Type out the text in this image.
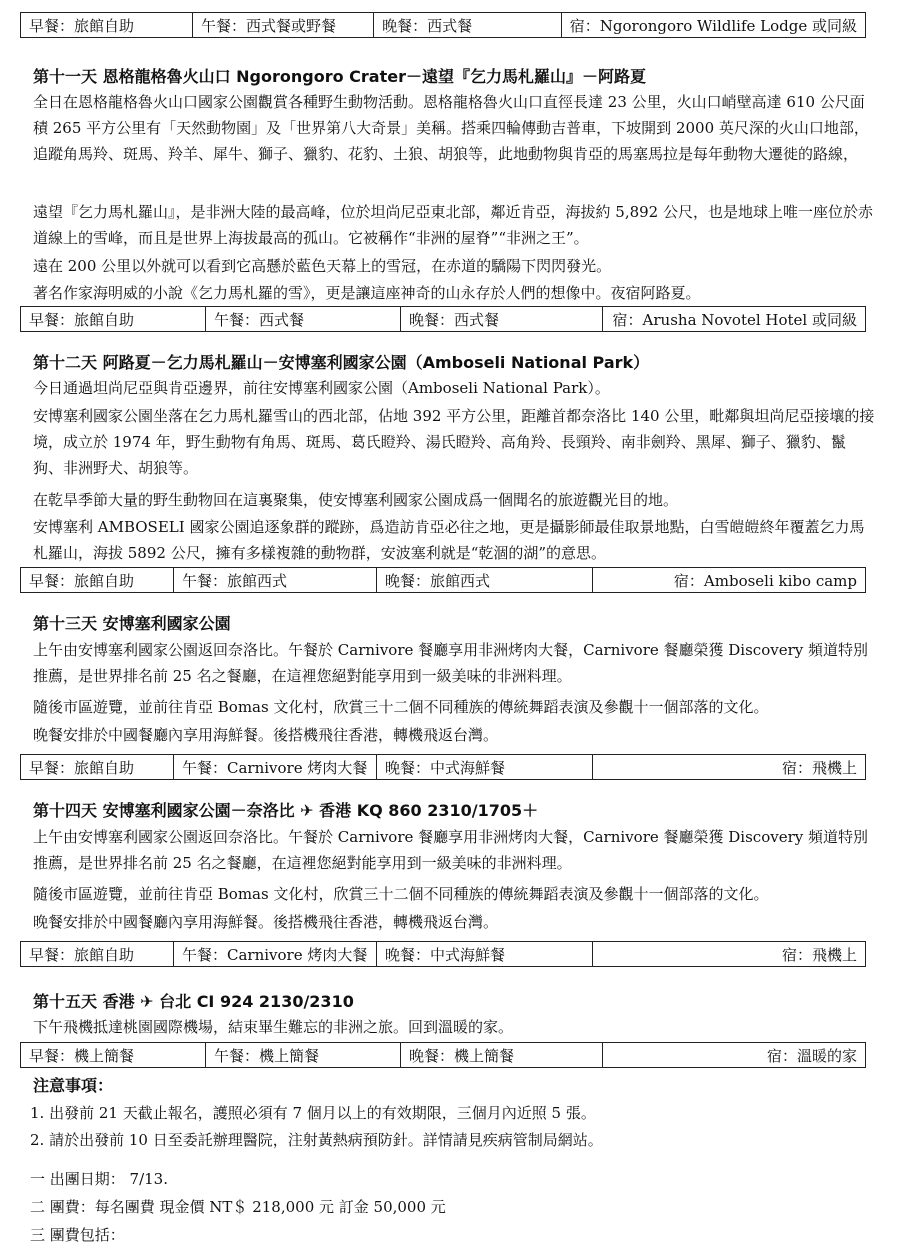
早餐：旅館自助	午餐：西式餐或野餐	晚餐：西式餐	宿：Ngorongoro Wildlife Lodge 或同級
第十一天 恩格龍格魯火山口 Ngorongoro Crater－遠望『乞力馬札羅山』－阿路夏
全日在恩格龍格魯火山口國家公園觀賞各種野生動物活動。恩格龍格魯火山口直徑長達 23 公里，火山口峭壁高達 610 公尺面積 265 平方公里有「天然動物園」及「世界第八大奇景」美稱。搭乘四輪傳動吉普車，下坡開到 2000 英尺深的火山口地部，追蹤角馬羚、斑馬、羚羊、犀牛、獅子、獵豹、花豹、土狼、胡狼等，此地動物與肯亞的馬塞馬拉是每年動物大遷徙的路線，
遠望『乞力馬札羅山』，是非洲大陸的最高峰，位於坦尚尼亞東北部，鄰近肯亞，海拔約 5,892 公尺，也是地球上唯一座位於赤道線上的雪峰，而且是世界上海拔最高的孤山。它被稱作“非洲的屋脊”“非洲之王”。
遠在 200 公里以外就可以看到它高懸於藍色天幕上的雪冠，在赤道的驕陽下閃閃發光。
著名作家海明威的小說《乞力馬札羅的雪》，更是讓這座神奇的山永存於人們的想像中。夜宿阿路夏。
早餐：旅館自助	午餐：西式餐	晚餐：西式餐	宿：Arusha Novotel Hotel 或同級
第十二天 阿路夏－乞力馬札羅山－安博塞利國家公園（Amboseli National Park）
今日通過坦尚尼亞與肯亞邊界，前往安博塞利國家公園（Amboseli National Park）。
安博塞利國家公園坐落在乞力馬札羅雪山的西北部，佔地 392 平方公里，距離首都奈洛比 140 公里，毗鄰與坦尚尼亞接壤的接境，成立於 1974 年，野生動物有角馬、斑馬、葛氏瞪羚、湯氏瞪羚、高角羚、長頸羚、南非劍羚、黑犀、獅子、獵豹、鬣狗、非洲野犬、胡狼等。
在乾旱季節大量的野生動物回在這裏聚集，使安博塞利國家公園成爲一個聞名的旅遊觀光目的地。
安博塞利 AMBOSELI 國家公園追逐象群的蹤跡，爲造訪肯亞必往之地，更是攝影師最佳取景地點，白雪皚皚終年覆蓋乞力馬札羅山，海拔 5892 公尺，擁有多樣複雜的動物群，安波塞利就是“乾涸的湖”的意思。
早餐：旅館自助	午餐：旅館西式	晚餐：旅館西式	宿：Amboseli kibo camp
第十三天 安博塞利國家公園
上午由安博塞利國家公園返回奈洛比。午餐於 Carnivore 餐廳享用非洲烤肉大餐，Carnivore 餐廳榮獲 Discovery 頻道特別推薦，是世界排名前 25 名之餐廳，在這裡您絕對能享用到一級美味的非洲料理。
隨後市區遊覽，並前往肯亞 Bomas 文化村，欣賞三十二個不同種族的傳統舞蹈表演及參觀十一個部落的文化。
晚餐安排於中國餐廳內享用海鮮餐。後搭機飛往香港，轉機飛返台灣。
早餐：旅館自助	午餐：Carnivore 烤肉大餐	晚餐：中式海鮮餐	宿：飛機上
第十四天 安博塞利國家公園－奈洛比 ✈ 香港 KQ 860 2310/1705＋
上午由安博塞利國家公園返回奈洛比。午餐於 Carnivore 餐廳享用非洲烤肉大餐，Carnivore 餐廳榮獲 Discovery 頻道特別推薦，是世界排名前 25 名之餐廳，在這裡您絕對能享用到一級美味的非洲料理。
隨後市區遊覽，並前往肯亞 Bomas 文化村，欣賞三十二個不同種族的傳統舞蹈表演及參觀十一個部落的文化。
晚餐安排於中國餐廳內享用海鮮餐。後搭機飛往香港，轉機飛返台灣。
早餐：旅館自助	午餐：Carnivore 烤肉大餐	晚餐：中式海鮮餐	宿：飛機上
第十五天 香港 ✈ 台北 CI 924 2130/2310
下午飛機抵達桃園國際機場，結束畢生難忘的非洲之旅。回到溫暖的家。
早餐：機上簡餐	午餐：機上簡餐	晚餐：機上簡餐	宿：溫暖的家
注意事項：
1. 出發前 21 天截止報名，護照必須有 7 個月以上的有效期限，三個月內近照 5 張。
2. 請於出發前 10 日至委託辦理醫院，注射黃熱病預防針。詳情請見疾病管制局網站。
一 出團日期： 7/13.
二 團費：每名團費 現金價 NT＄ 218,000 元 訂金 50,000 元
三 團費包括：
